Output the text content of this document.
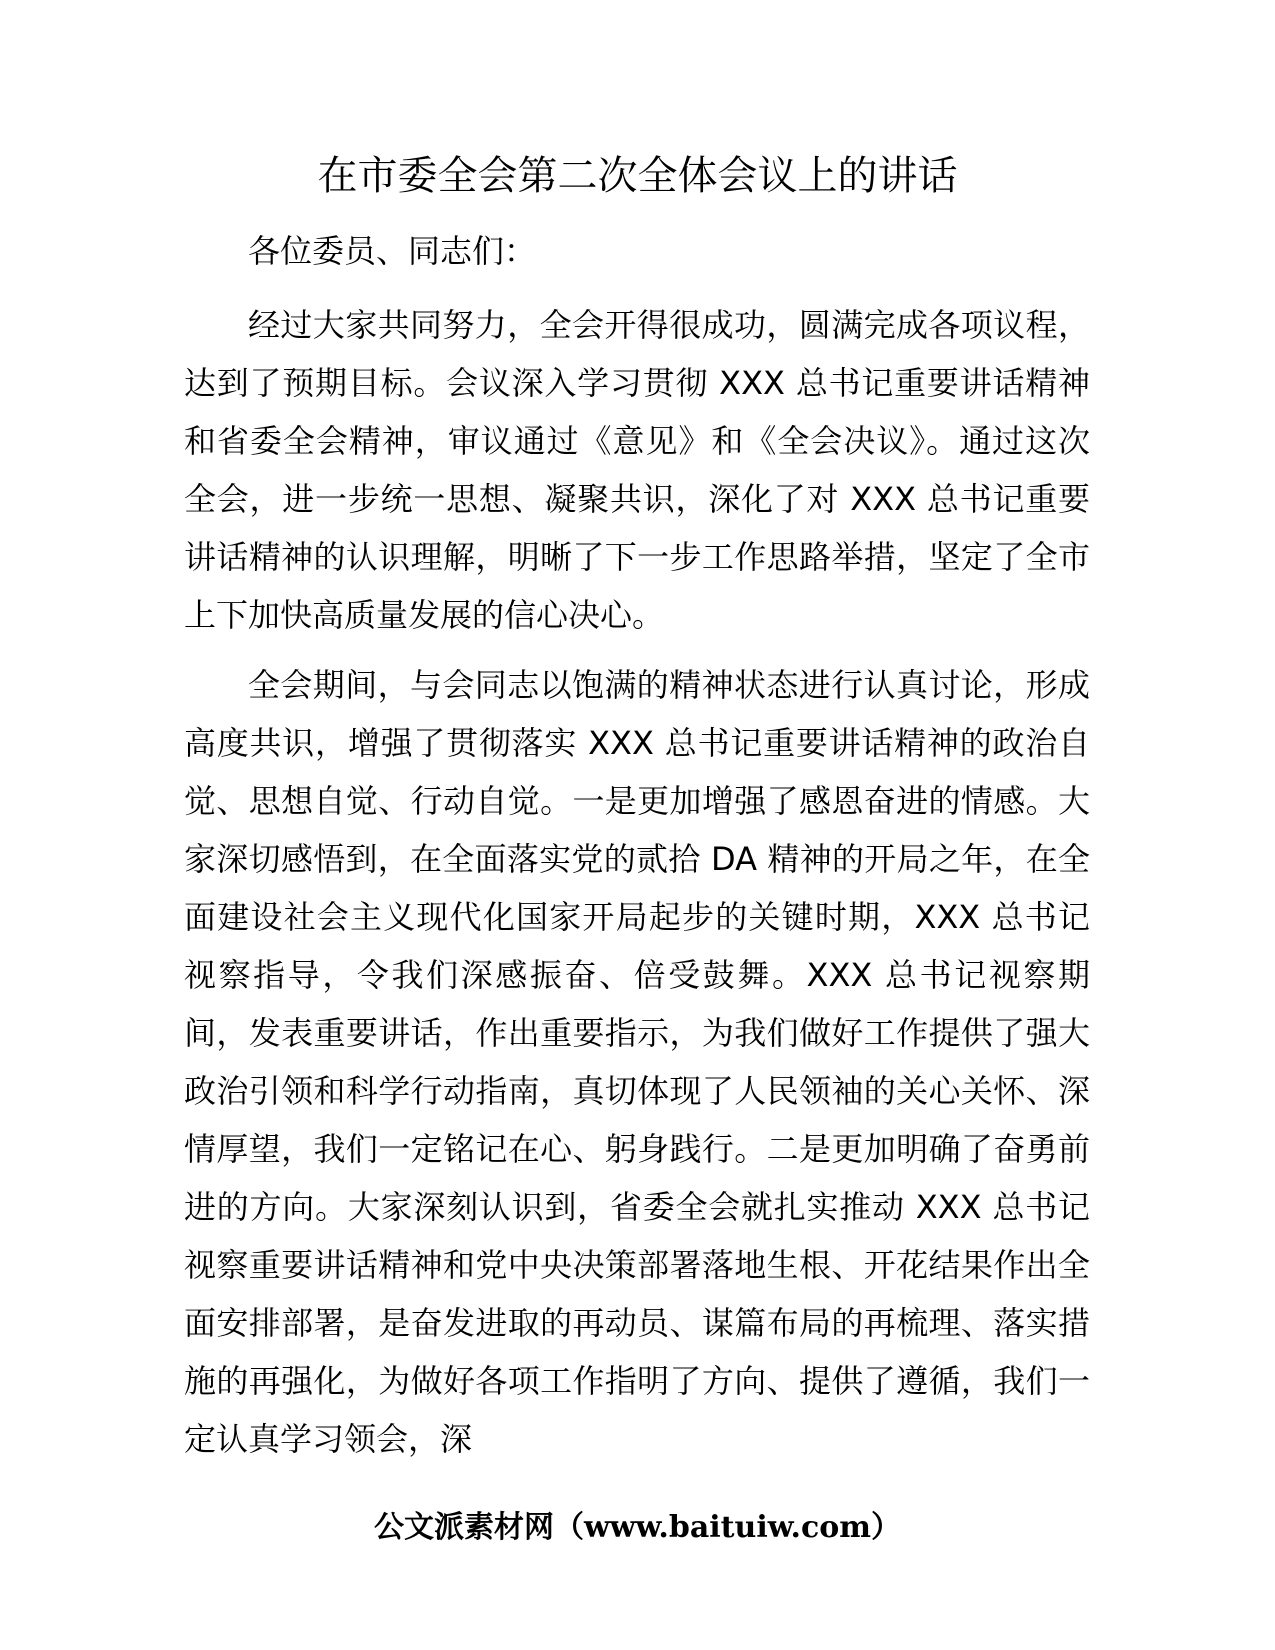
在市委全会第二次全体会议上的讲话

各位委员、同志们：

经过大家共同努力，全会开得很成功，圆满完成各项议程，达到了预期目标。会议深入学习贯彻 XXX 总书记重要讲话精神和省委全会精神，审议通过《意见》和《全会决议》。通过这次全会，进一步统一思想、凝聚共识，深化了对 XXX 总书记重要讲话精神的认识理解，明晰了下一步工作思路举措，坚定了全市上下加快高质量发展的信心决心。

全会期间，与会同志以饱满的精神状态进行认真讨论，形成高度共识，增强了贯彻落实 XXX 总书记重要讲话精神的政治自觉、思想自觉、行动自觉。一是更加增强了感恩奋进的情感。大家深切感悟到，在全面落实党的贰拾 DA 精神的开局之年，在全面建设社会主义现代化国家开局起步的关键时期，XXX 总书记视察指导，令我们深感振奋、倍受鼓舞。XXX 总书记视察期间，发表重要讲话，作出重要指示，为我们做好工作提供了强大政治引领和科学行动指南，真切体现了人民领袖的关心关怀、深情厚望，我们一定铭记在心、躬身践行。二是更加明确了奋勇前进的方向。大家深刻认识到，省委全会就扎实推动 XXX 总书记视察重要讲话精神和党中央决策部署落地生根、开花结果作出全面安排部署，是奋发进取的再动员、谋篇布局的再梳理、落实措施的再强化，为做好各项工作指明了方向、提供了遵循，我们一定认真学习领会，深

公文派素材网（www.baituiw.com）
